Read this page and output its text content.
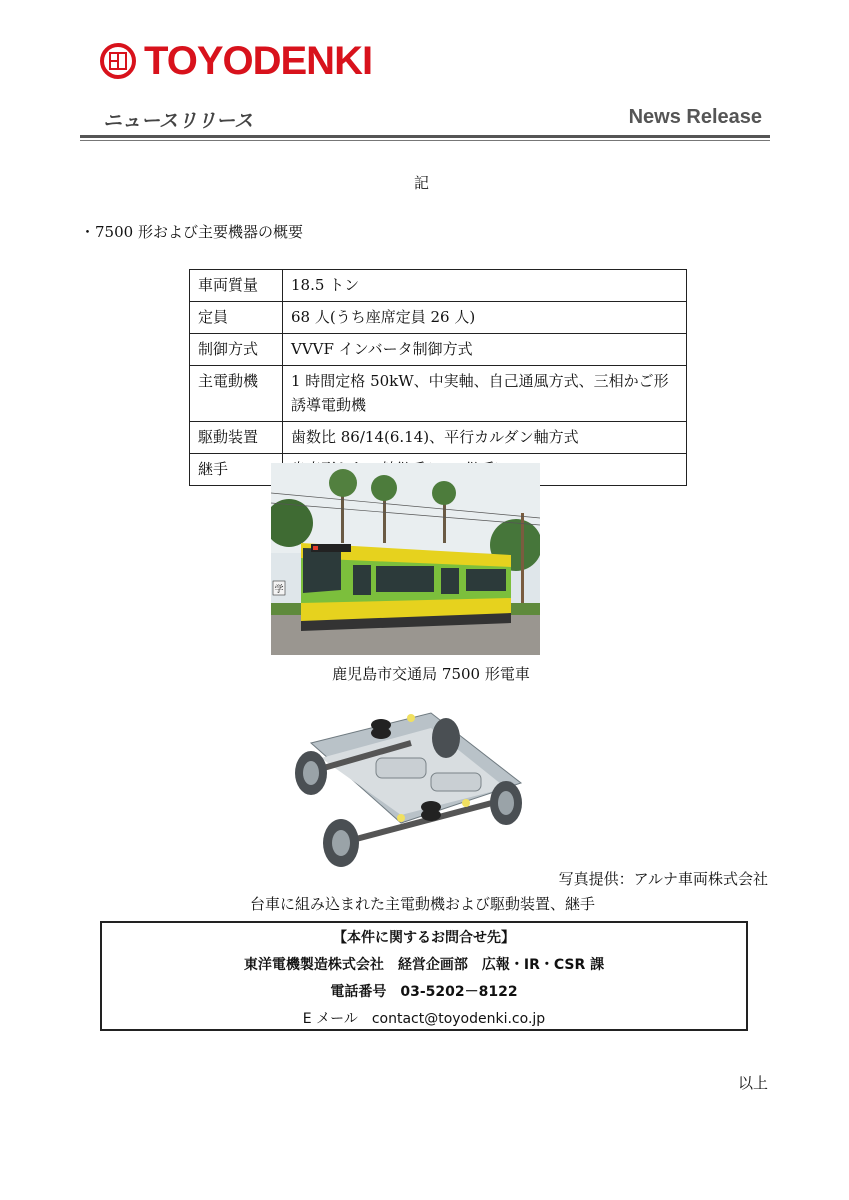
TOYODENKI
ニュースリリース	News Release
記
・7500 形および主要機器の概要
車両質量	18.5 トン
定員	68 人(うち座席定員 26 人)
制御方式	VVVF インバータ制御方式
主電動機	1 時間定格 50kW、中実軸、自己通風方式、三相かご形誘導電動機
駆動装置	歯数比 86/14(6.14)、平行カルダン軸方式
継手	
学
鹿児島市交通局 7500 形電車
写真提供：アルナ車両株式会社
台車に組み込まれた主電動機および駆動装置、継手
【本件に関するお問合せ先】
東洋電機製造株式会社　経営企画部　広報・IR・CSR 課
電話番号　03-5202－8122
E メール　contact@toyodenki.co.jp
以上
